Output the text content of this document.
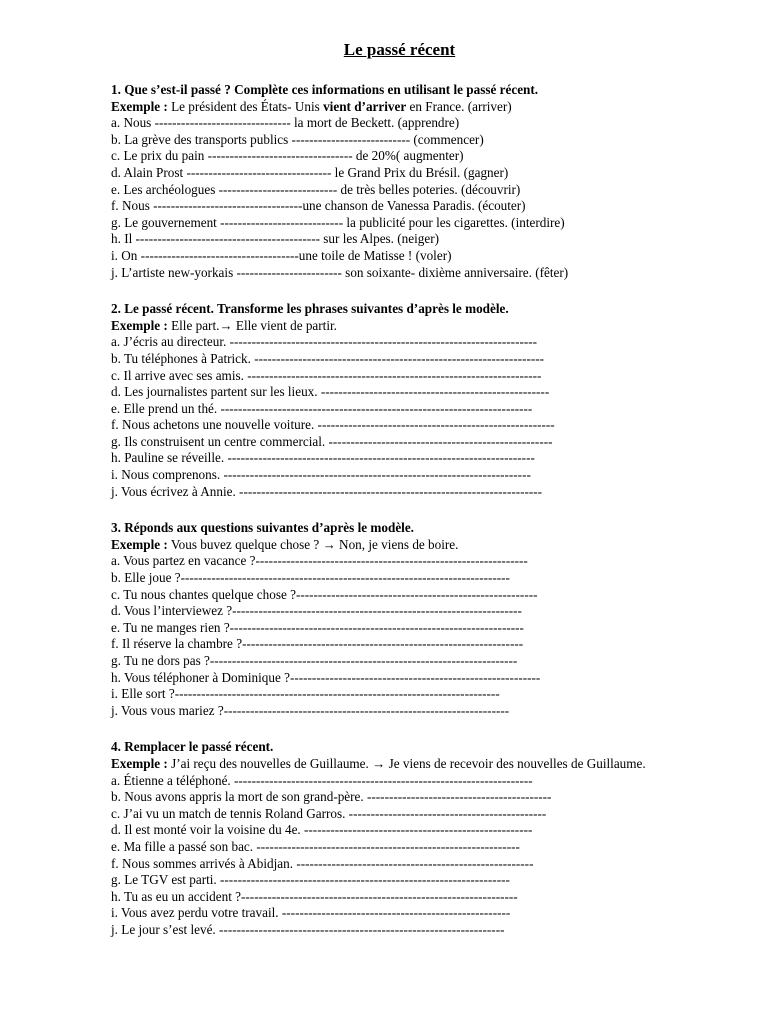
Le passé récent
1. Que s’est-il passé ? Complète ces informations en utilisant le passé récent.
Exemple : Le président des États- Unis vient d’arriver en France. (arriver)
a. Nous ------------------------------- la mort de Beckett. (apprendre)
b. La grève des transports publics --------------------------- (commencer)
c. Le prix du pain --------------------------------- de 20%( augmenter)
d. Alain Prost --------------------------------- le Grand Prix du Brésil. (gagner)
e. Les archéologues --------------------------- de très belles poteries. (découvrir)
f. Nous ----------------------------------une chanson de Vanessa Paradis. (écouter)
g. Le gouvernement ---------------------------- la publicité pour les cigarettes. (interdire)
h. Il ------------------------------------------ sur les Alpes. (neiger)
i. On ------------------------------------une toile de Matisse ! (voler)
j. L’artiste new-yorkais ------------------------ son soixante- dixième anniversaire. (fêter)
2. Le passé récent. Transforme les phrases suivantes d’après le modèle.
Exemple : Elle part.→ Elle vient de partir.
a. J’écris au directeur. ----------------------------------------------------------------------
b. Tu téléphones à Patrick. ------------------------------------------------------------------
c. Il arrive avec ses amis. -------------------------------------------------------------------
d. Les journalistes partent sur les lieux. ----------------------------------------------------
e. Elle prend un thé. -----------------------------------------------------------------------
f. Nous achetons une nouvelle voiture. ------------------------------------------------------
g. Ils construisent un centre commercial. ---------------------------------------------------
h. Pauline se réveille. ----------------------------------------------------------------------
i. Nous comprenons. ----------------------------------------------------------------------
j. Vous écrivez à Annie. ---------------------------------------------------------------------
3. Réponds aux questions suivantes d’après le modèle.
Exemple : Vous buvez quelque chose ? → Non, je viens de boire.
a. Vous partez en vacance ?--------------------------------------------------------------
b. Elle joue ?---------------------------------------------------------------------------
c. Tu nous chantes quelque chose ?-------------------------------------------------------
d. Vous l’interviewez ?------------------------------------------------------------------
e. Tu ne manges rien ?-------------------------------------------------------------------
f. Il réserve la chambre ?----------------------------------------------------------------
g. Tu ne dors pas ?----------------------------------------------------------------------
h. Vous téléphoner à Dominique ?---------------------------------------------------------
i. Elle sort ?--------------------------------------------------------------------------
j. Vous vous mariez ?-----------------------------------------------------------------
4. Remplacer le passé récent.
Exemple : J’ai reçu des nouvelles de Guillaume. → Je viens de recevoir des nouvelles de Guillaume.
a. Étienne a téléphoné. --------------------------------------------------------------------
b. Nous avons appris la mort de son grand-père. ------------------------------------------
c. J’ai vu un match de tennis Roland Garros. ---------------------------------------------
d. Il est monté voir la voisine du 4e. ----------------------------------------------------
e. Ma fille a passé son bac. ------------------------------------------------------------
f. Nous sommes arrivés à Abidjan. ------------------------------------------------------
g. Le TGV est parti. ------------------------------------------------------------------
h. Tu as eu un accident ?---------------------------------------------------------------
i. Vous avez perdu votre travail. ----------------------------------------------------
j. Le jour s’est levé. -----------------------------------------------------------------
